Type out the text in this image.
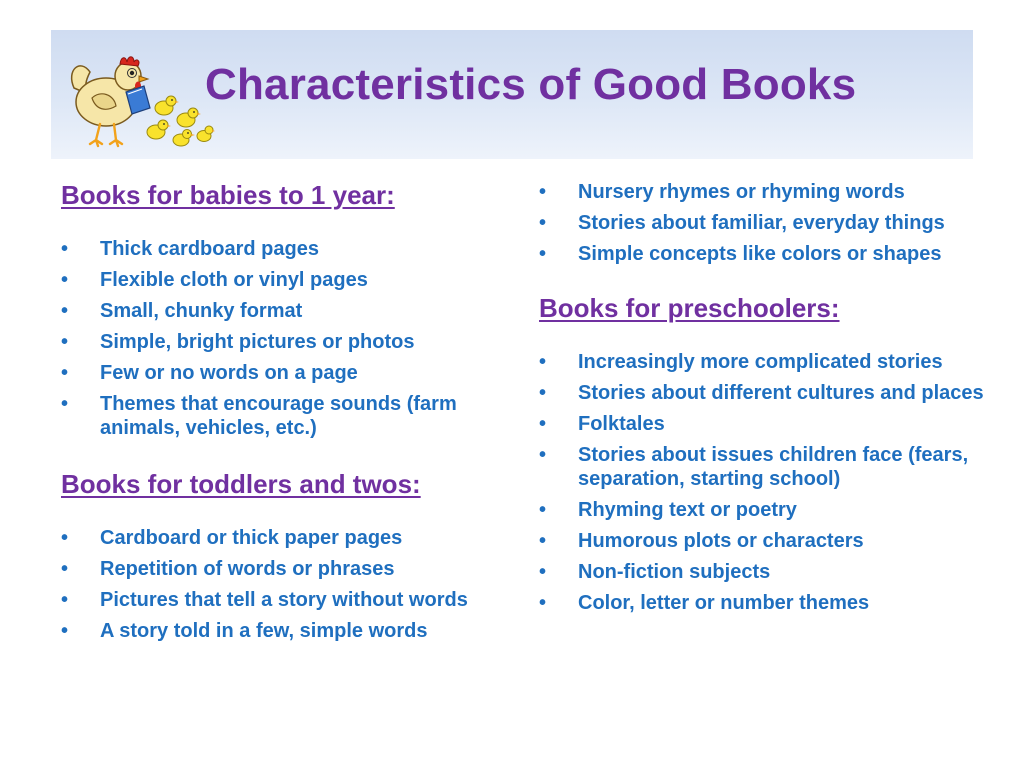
Characteristics of Good Books
Books for babies to 1 year:
• Thick cardboard pages
• Flexible cloth or vinyl pages
• Small, chunky format
• Simple, bright pictures or photos
• Few or no words on a page
• Themes that encourage sounds (farm animals, vehicles, etc.)
Books for toddlers and twos:
• Cardboard or thick paper pages
• Repetition of words or phrases
• Pictures that tell a story without words
• A story told in a few, simple words
• Nursery rhymes or rhyming words
• Stories about familiar, everyday things
• Simple concepts like colors or shapes
Books for preschoolers:
• Increasingly more complicated stories
• Stories about different cultures and places
• Folktales
• Stories about issues children face (fears, separation, starting school)
• Rhyming text or poetry
• Humorous plots or characters
• Non-fiction subjects
• Color, letter or number themes
